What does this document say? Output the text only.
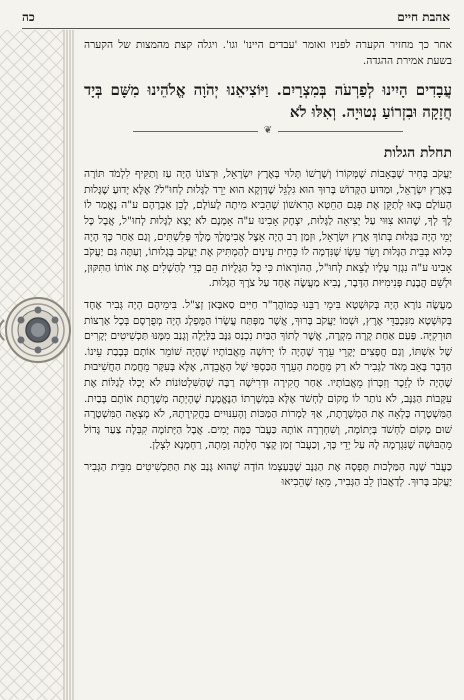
כה	אהבת חיים

אחר כך מחזיר הקערה לפניו ואומר 'עבדים היינו' וגו'. ויגלה קצת מהמצות של הקערה בשעת אמירת ההגדה.

עֲבָדִים הָיִינוּ לְפַרְעֹה בְּמִצְרָיִם. וַיּוֹצִיאֵנוּ יְהֹוָה אֱלֹהֵינוּ מִשָּׁם בְּיָד חֲזָקָה וּבִזְרוֹעַ נְטוּיָה. וְאִלּוּ לֹא

❦
תחלת הגלות

יַעֲקֹב בָּחִיר שֶׁבָּאָבוֹת שֶׁמְּקוֹרוֹ וְשָׁרְשׁוֹ תָּלוּי בְּאֶרֶץ יִשְׂרָאֵל, וּרְצוֹנוֹ הָיָה עַז וְתַקִּיף לִלְמֹד תּוֹרָה בְּאֶרֶץ יִשְׂרָאֵל, וּמַדּוּעַ הַקָּדוֹשׁ בָּרוּךְ הוּא גִּלְגֵּל שֶׁדַּוְקָא הוּא יֵרֵד לַגָּלוּת לְחוּ"ל? אֶלָּא יָדוּעַ שֶׁגָּלוּת הָעוֹלָם בָּאוּ לְתַקֵּן אֶת פְּגַם הַחֵטְא הָרִאשׁוֹן שֶׁהֵבִיא מִיתָה לָעוֹלָם, לָכֵן אַבְרָהָם ע"ה נֶאֱמַר לוֹ לֶךְ לְךָ, שֶׁהוּא צִוּוּי עַל יְצִיאָה לַגָּלוּת, יִצְחָק אָבִינוּ ע"ה אָמְנָם לֹא יָצָא לַגָּלוּת לְחוּ"ל, אֲבָל כָּל יְמֵי הָיָה בַּגָּלוּת בְּתוֹךְ אֶרֶץ יִשְׂרָאֵל, וּזְמַן רַב הָיָה אֵצֶל אֲבִימֶלֶךְ מֶלֶךְ פְּלִשְׁתִּים, וְגַם אַחַר כָּךְ הָיָה כְּלוּא בְּבֵית הַגָּלוּת וְשֵׂר עֵשָׂו שֶׁנִּדְמָה לוֹ כְּחֵית עֵינַיִם לְהַמְתִּיק אֶת יַעֲקֹב בְּגָלוּתוֹ, וְעַתָּה גַּם יַעֲקֹב אָבִינוּ ע"ה נִגְזַר עָלָיו לָצֵאת לְחוּ"ל, הַהוֹרָאוֹת כִּי כָּל הַגָּלֻיּוֹת הֵם כְּדֵי לְהַשְׁלִים אֶת אוֹתוֹ הַתִּקּוּן, וּלְשֵׁם הֲבָנַת פְּנִימִיּוּת הַדָּבָר, נָבִיא מַעֲשֶׂה אֶחָד עַל צֹרֶךְ הַגָּלוּת.

מַעֲשֶׂה נוֹרָא הָיָה בְּקוּשְׁטָא בִּימֵי רַבֵּנוּ כְּמוֹהֲרָ"ר חַיִּים סַאבָּאן זְצַ"ל. בִּימֵיהֶם הָיָה גְּבִיר אֶחָד בְּקוּשְׁטָא מִנִּכְבַּדֵּי אֶרֶץ, וּשְׁמוֹ יַעֲקֹב בָּרוּךְ, אֲשֶׁר מַפְּתַּח עֲשָׂרוֹ הַמֻּפְלָג הָיָה מְפֻרְסָם בְּכָל אַרְצוֹת תּוּרְקִיָּה. פַּעַם אַחַת קָרָה מִקְרֶה, אֲשֶׁר לְתוֹךְ הַבַּיִת נִכְנַס גַּנָּב בַּלַּיְלָה וְגָנַב מִמֶּנּוּ תַּכְשִׁיטִים יְקָרִים שֶׁל אִשְׁתּוֹ, וְגַם חֲפָצִים יְקָרֵי עֵרֶךְ שֶׁהָיָה לוֹ יְרוּשָׁה מֵאֲבוֹתָיו שֶׁהָיָה שׁוֹמֵר אוֹתָם כְּבָבַת עֵינוֹ. הַדָּבָר בָּאֵב מְאֹד לַגְּבִיר לֹא רַק מֵחֲמַת הָעֵרֶךְ הַכַּסְפִּי שֶׁל הָאֲבֵדָה, אֶלָּא בְּעִקָּר מֵחֲמַת הַחֲשִׁיבוּת שֶׁהָיָה לוֹ לְזֵכֶר וְזִכָּרוֹן מֵאֲבוֹתָיו. אַחַר חֲקִירָה וּדְרִישָׁה רַבָּה שֶׁהַשִּׁלְטוֹנוֹת לֹא יָכְלוּ לְגַלּוֹת אֶת עִקְּבוֹת הַגַּנָּב, לֹא נוֹתַר לוֹ מָקוֹם לַחְשֹׁד אֶלָּא בִּמְשָׁרְתוֹ הַנֶּאֱמֶנֶת שֶׁהָיְתָה מְשָׁרֶתֶת אוֹתָם בְּבַיִת. הַמִּשְׁטָרָה כָּלְאָה אֶת הַמְשָׁרֶתֶת, אַךְ לַמְרוֹת הַמַּכּוֹת וְהָעִנּוּיִים בַּחֲקִירָתָהּ, לֹא מָצְאָה הַמִּשְׁטָרָה שׁוּם מָקוֹם לַחְשֹׁד בְּיָתוֹמָה, וְשִׁחְרְרָה אוֹתָהּ כַּעֲבֹר כַּמָּה יָמִים. אֲבָל הַיָּתוֹמָה קִבְּלָה צַעַר גָּדוֹל מֵהַבּוּשָׁה שֶׁנִּגְרְמָה לָהּ עַל יְדֵי כָּךְ, וְכַעֲבֹר זְמַן קָצָר חָלְתָה וָמֵתָה, רַחְמָנָא לִצְלַן.

כַּעֲבֹר שָׁנָה הַמַּלְכוּת תָּפְסָה אֶת הַגַּנָּב שֶׁבְּעַצְמוֹ הוֹדָה שֶׁהוּא גָּנַב אֶת הַתַּכְשִׁיטִים מִבֵּית הַגְּבִיר יַעֲקֹב בָּרוּךְ. לְדַאֲבוֹן לֵב הַגְּבִיר, מֵאָז שֶׁהֵבִיאוּ
